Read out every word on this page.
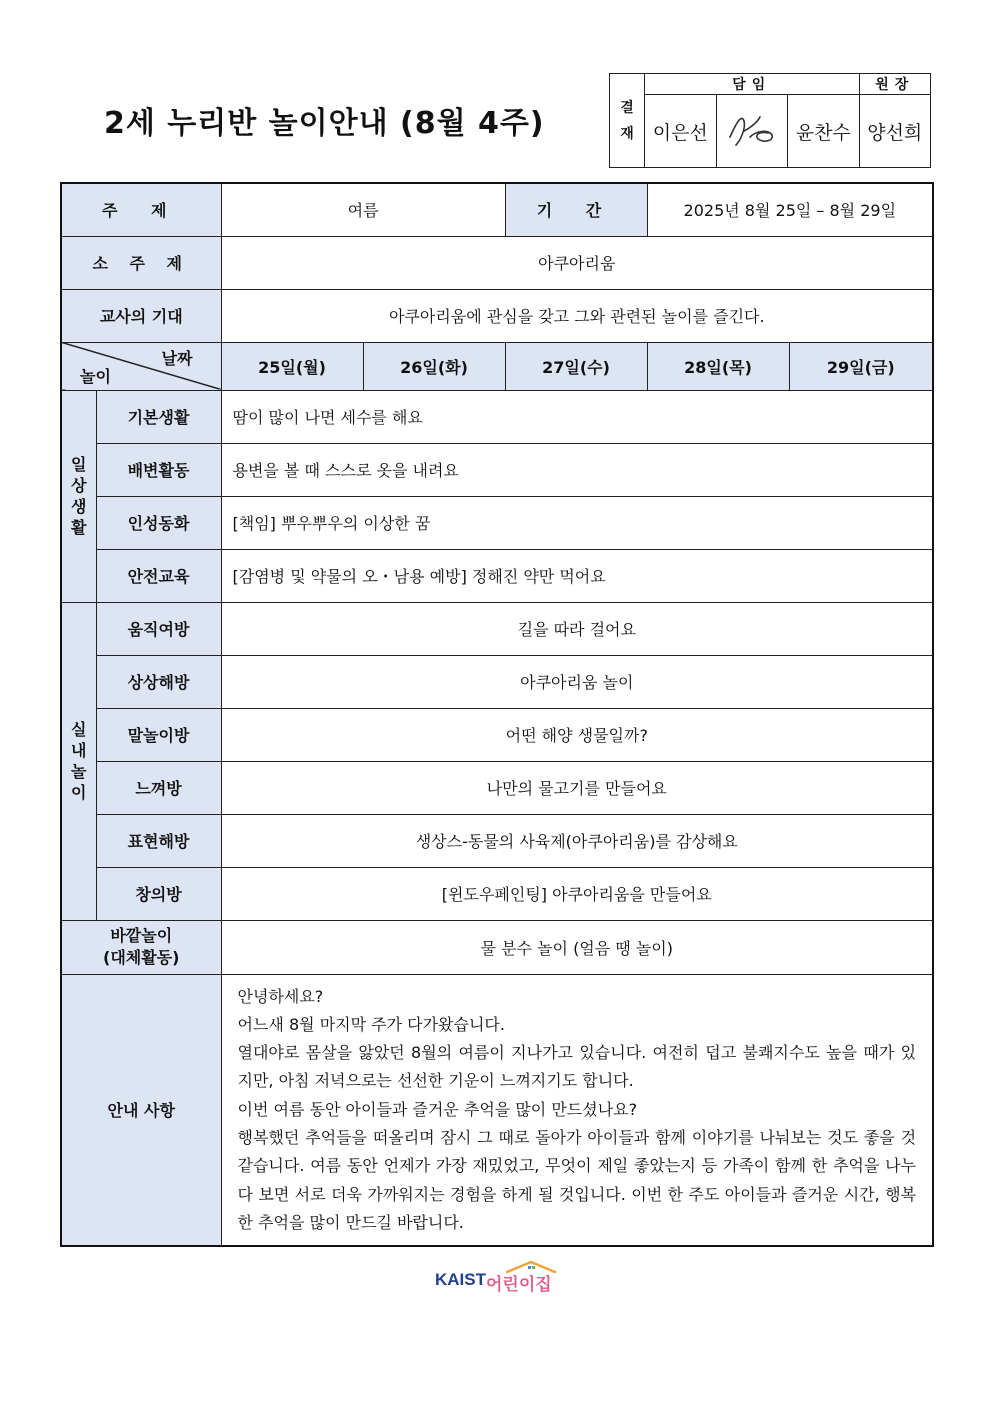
2세 누리반 놀이안내 (8월 4주)	결
재	담임			원장
	이은선		윤찬수	양선희
주 제		여름		기 간	2025년 8월 25일 – 8월 29일	
소 주 제		아쿠아리움				
교사의 기대		아쿠아리움에 관심을 갖고 그와 관련된 놀이를 즐긴다.				

날짜
놀이		25일(월)	26일(화)	27일(수)	28일(목)	29일(금)

일
상
생
활	기본생활	땀이 많이 나면 세수를 해요				
	배변활동	용변을 볼 때 스스로 옷을 내려요				
	인성동화	[책임] 뿌우뿌우의 이상한 꿈				
	안전교육	[감염병 및 약물의 오・남용 예방] 정해진 약만 먹어요				

실
내
놀
이	움직여방	길을 따라 걸어요				
	상상해방	아쿠아리움 놀이				
	말놀이방	어떤 해양 생물일까?				
	느껴방	나만의 물고기를 만들어요				
	표현해방	생상스-동물의 사육제(아쿠아리움)를 감상해요				
	창의방	[윈도우페인팅] 아쿠아리움을 만들어요				
바깥놀이
(대체활동)		물 분수 놀이 (얼음 땡 놀이)				
안내 사항		안녕하세요?

어느새 8월 마지막 주가 다가왔습니다.

열대야로 몸살을 앓았던 8월의 여름이 지나가고 있습니다. 여전히 덥고 불쾌지수도 높을 때가 있지만, 아침 저녁으로는 선선한 기운이 느껴지기도 합니다.

이번 여름 동안 아이들과 즐거운 추억을 많이 만드셨나요?

행복했던 추억들을 떠올리며 잠시 그 때로 돌아가 아이들과 함께 이야기를 나눠보는 것도 좋을 것 같습니다. 여름 동안 언제가 가장 재밌었고, 무엇이 제일 좋았는지 등 가족이 함께 한 추억을 나누다 보면 서로 더욱 가까워지는 경험을 하게 될 것입니다. 이번 한 주도 아이들과 즐거운 시간, 행복한 추억을 많이 만드길 바랍니다.				

KAIST 어린이집
